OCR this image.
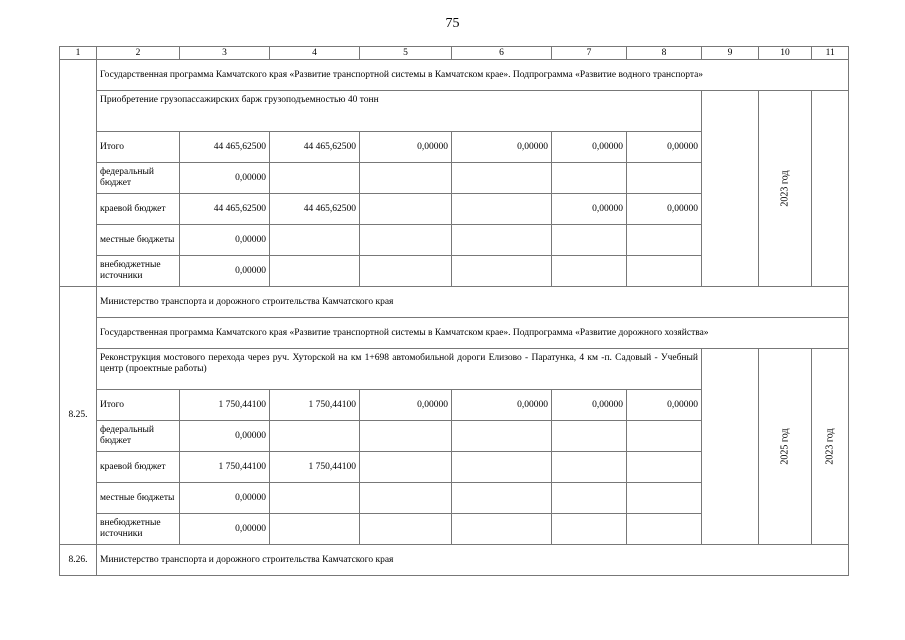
75
1	2	3	4	5	6	7	8	9	10	11
	Государственная программа Камчатского края «Развитие транспортной системы в Камчатском крае». Подпрограмма «Развитие водного транспорта»									
	Приобретение грузопассажирских барж грузоподъемностью 40 тонн								2023 год	
	Итого	44 465,62500	44 465,62500	0,00000	0,00000	0,00000	0,00000			
	федеральный бюджет	0,00000								
	краевой бюджет	44 465,62500	44 465,62500			0,00000	0,00000			
	местные бюджеты	0,00000								
	внебюджетные источники	0,00000								
8.25.	Министерство транспорта и дорожного строительства Камчатского края									
	Государственная программа Камчатского края «Развитие транспортной системы в Камчатском крае». Подпрограмма «Развитие дорожного хозяйства»									
	Реконструкция мостового перехода через руч. Хуторской на км 1+698 автомобильной дороги Елизово - Паратунка, 4 км -п. Садовый - Учебный центр (проектные работы)								2025 год	2023 год
	Итого	1 750,44100	1 750,44100	0,00000	0,00000	0,00000	0,00000			
	федеральный бюджет	0,00000								
	краевой бюджет	1 750,44100	1 750,44100							
	местные бюджеты	0,00000								
	внебюджетные источники	0,00000								
8.26.	Министерство транспорта и дорожного строительства Камчатского края									
